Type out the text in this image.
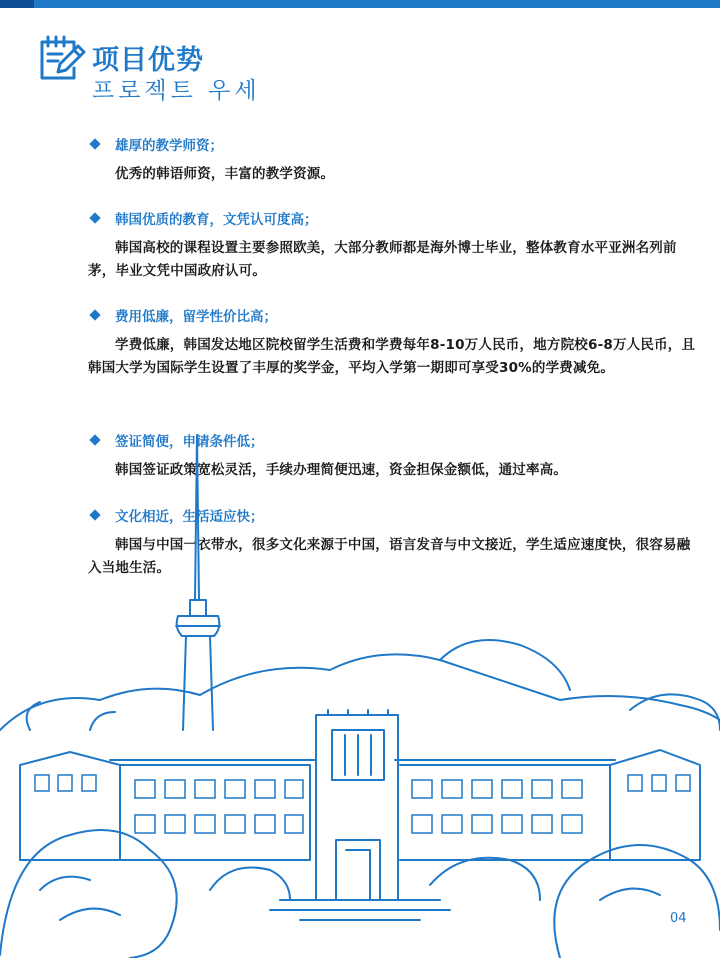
项目优势
프로젝트 우세
雄厚的教学师资；

优秀的韩语师资，丰富的教学资源。

韩国优质的教育，文凭认可度高；

韩国高校的课程设置主要参照欧美，大部分教师都是海外博士毕业，整体教育水平亚洲名列前茅，毕业文凭中国政府认可。

费用低廉，留学性价比高；

学费低廉，韩国发达地区院校留学生活费和学费每年8-10万人民币，地方院校6-8万人民币，且韩国大学为国际学生设置了丰厚的奖学金，平均入学第一期即可享受30%的学费减免。

签证简便，申请条件低；

韩国签证政策宽松灵活，手续办理简便迅速，资金担保金额低，通过率高。

文化相近，生活适应快；

韩国与中国一衣带水，很多文化来源于中国，语言发音与中文接近，学生适应速度快，很容易融入当地生活。

04
